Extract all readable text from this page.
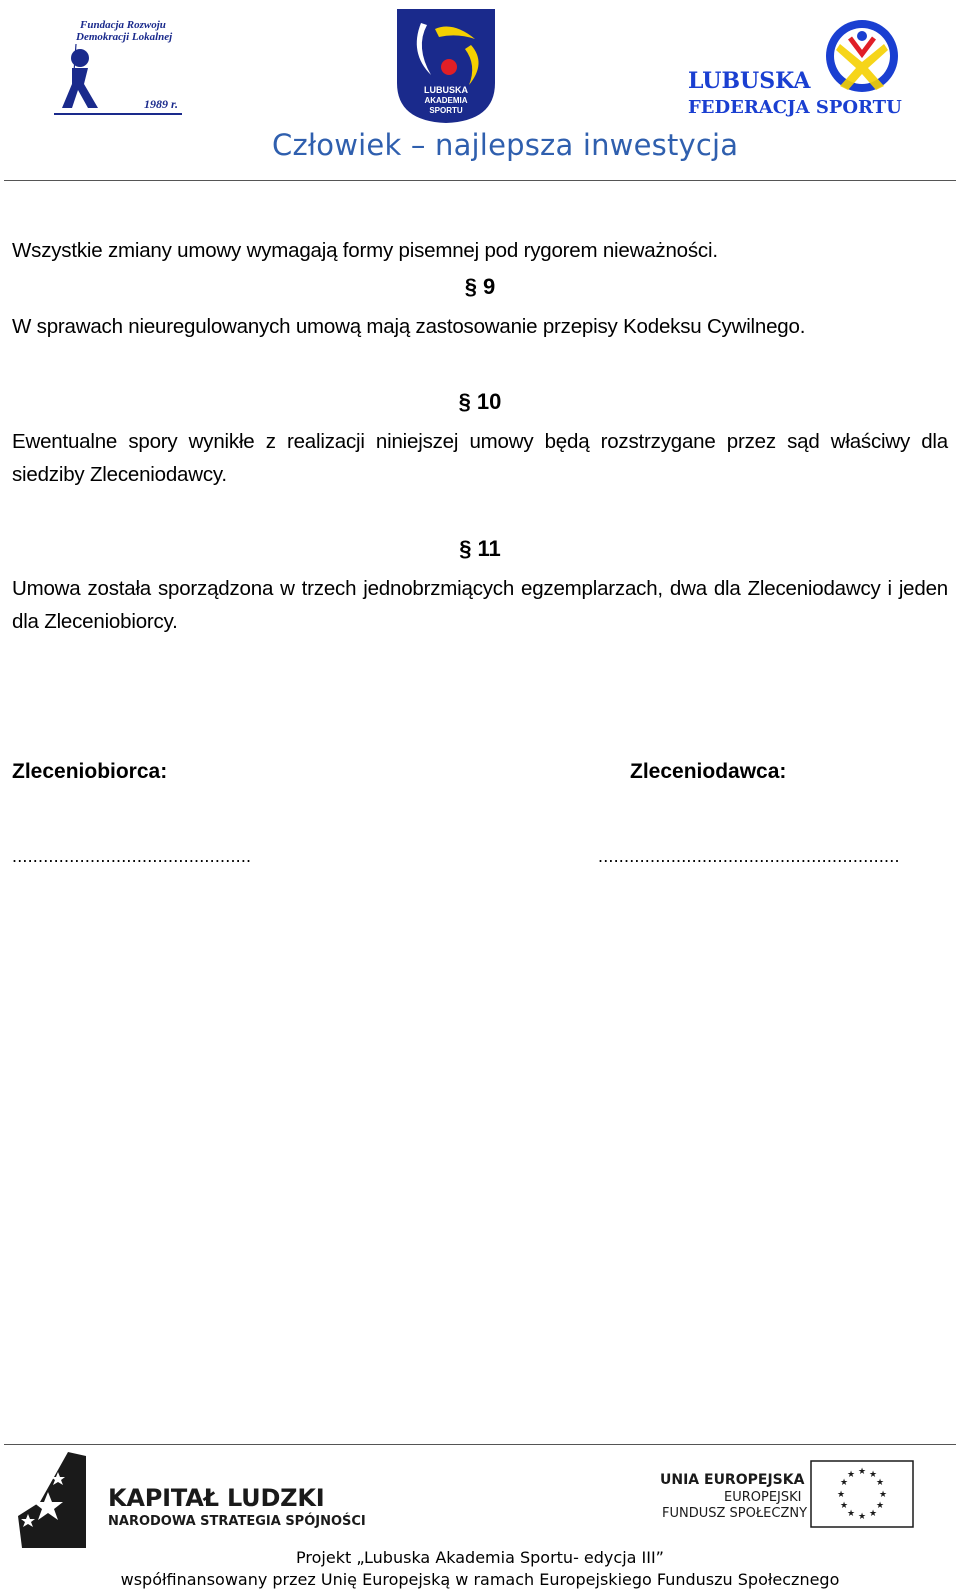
Fundacja Rozwoju
Demokracji Lokalnej
1989 r.
LUBUSKA
AKADEMIA
SPORTU
LUBUSKA
FEDERACJA SPORTU
Człowiek – najlepsza inwestycja
Wszystkie zmiany umowy wymagają formy pisemnej pod rygorem nieważności.
§ 9
W sprawach nieuregulowanych umową mają zastosowanie przepisy Kodeksu Cywilnego.
§ 10
Ewentualne spory wynikłe z realizacji niniejszej umowy będą rozstrzygane przez sąd właściwy dla siedziby Zleceniodawcy.
§ 11
Umowa została sporządzona w trzech jednobrzmiących egzemplarzach, dwa dla Zleceniodawcy i jeden dla Zleceniobiorcy.
Zleceniobiorca:	Zleceniodawca:
..............................................	..........................................................
KAPITAŁ LUDZKI
NARODOWA STRATEGIA SPÓJNOŚCI
UNIA EUROPEJSKA
EUROPEJSKI
FUNDUSZ SPOŁECZNY
★ ★
★
★
★
★
★
★
★
★
★
★
Projekt „Lubuska Akademia Sportu- edycja III”
współfinansowany przez Unię Europejską w ramach Europejskiego Funduszu Społecznego
